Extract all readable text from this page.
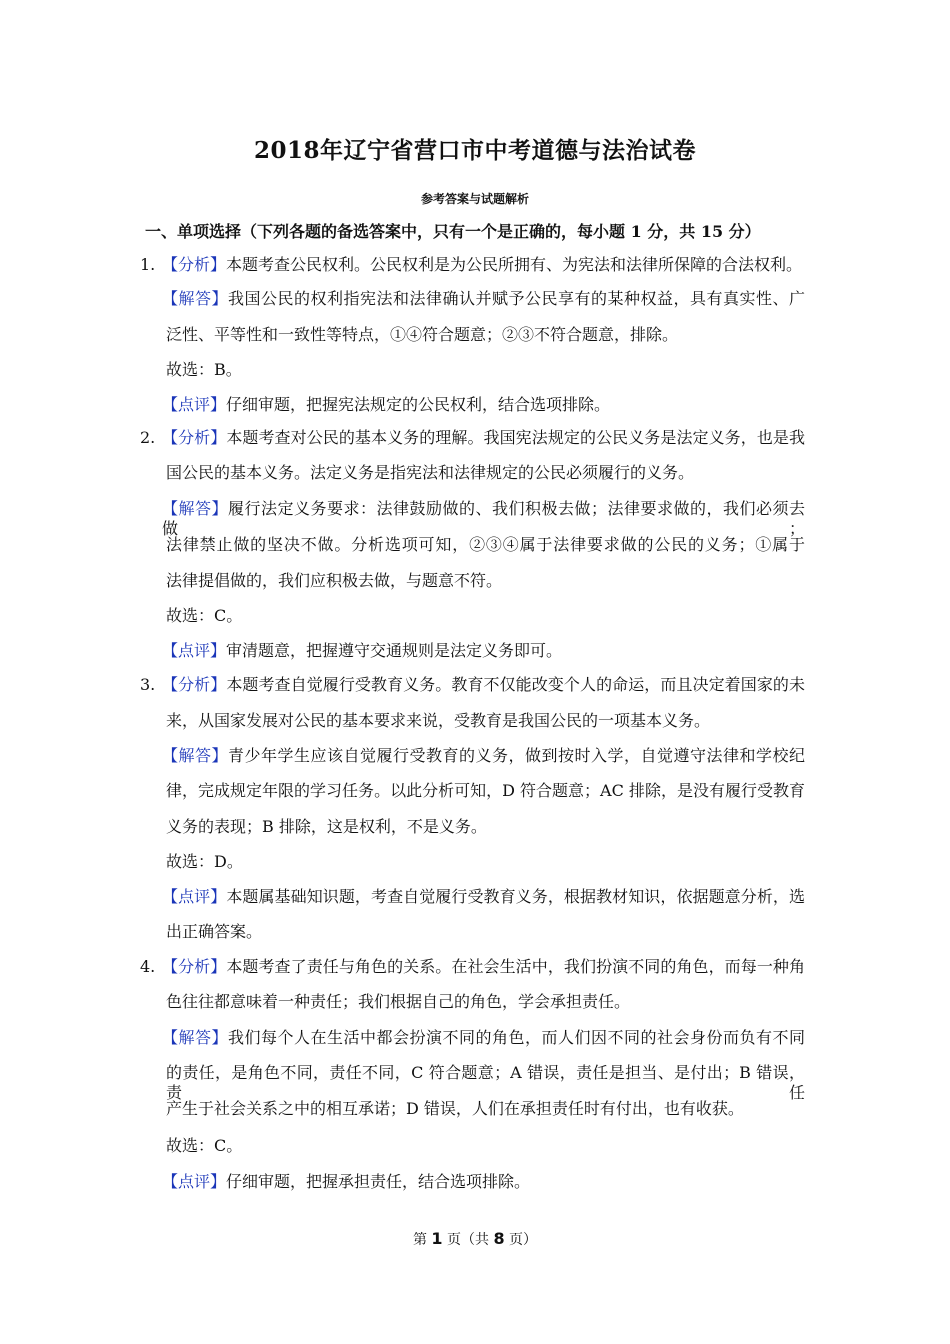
2018年辽宁省营口市中考道德与法治试卷
参考答案与试题解析
一、单项选择（下列各题的备选答案中，只有一个是正确的，每小题 1 分，共 15 分）
1. 【分析】本题考查公民权利。公民权利是为公民所拥有、为宪法和法律所保障的合法权利。
【解答】我国公民的权利指宪法和法律确认并赋予公民享有的某种权益，具有真实性、广
泛性、平等性和一致性等特点，①④符合题意；②③不符合题意，排除。
故选：B。
【点评】仔细审题，把握宪法规定的公民权利，结合选项排除。
2. 【分析】本题考查对公民的基本义务的理解。我国宪法规定的公民义务是法定义务，也是我
国公民的基本义务。法定义务是指宪法和法律规定的公民必须履行的义务。
【解答】履行法定义务要求：法律鼓励做的、我们积极去做；法律要求做的，我们必须去做；
法律禁止做的坚决不做。分析选项可知，②③④属于法律要求做的公民的义务；①属于
法律提倡做的，我们应积极去做，与题意不符。
故选：C。
【点评】审清题意，把握遵守交通规则是法定义务即可。
3. 【分析】本题考查自觉履行受教育义务。教育不仅能改变个人的命运，而且决定着国家的未
来，从国家发展对公民的基本要求来说，受教育是我国公民的一项基本义务。
【解答】青少年学生应该自觉履行受教育的义务，做到按时入学，自觉遵守法律和学校纪
律，完成规定年限的学习任务。以此分析可知，D 符合题意；AC 排除，是没有履行受教育
义务的表现；B 排除，这是权利，不是义务。
故选：D。
【点评】本题属基础知识题，考查自觉履行受教育义务，根据教材知识，依据题意分析，选
出正确答案。
4. 【分析】本题考查了责任与角色的关系。在社会生活中，我们扮演不同的角色，而每一种角
色往往都意味着一种责任；我们根据自己的角色，学会承担责任。
【解答】我们每个人在生活中都会扮演不同的角色，而人们因不同的社会身份而负有不同
的责任，是角色不同，责任不同，C 符合题意；A 错误，责任是担当、是付出；B 错误，责任
产生于社会关系之中的相互承诺；D 错误，人们在承担责任时有付出，也有收获。
故选：C。
【点评】仔细审题，把握承担责任，结合选项排除。
第 1 页（共 8 页）
